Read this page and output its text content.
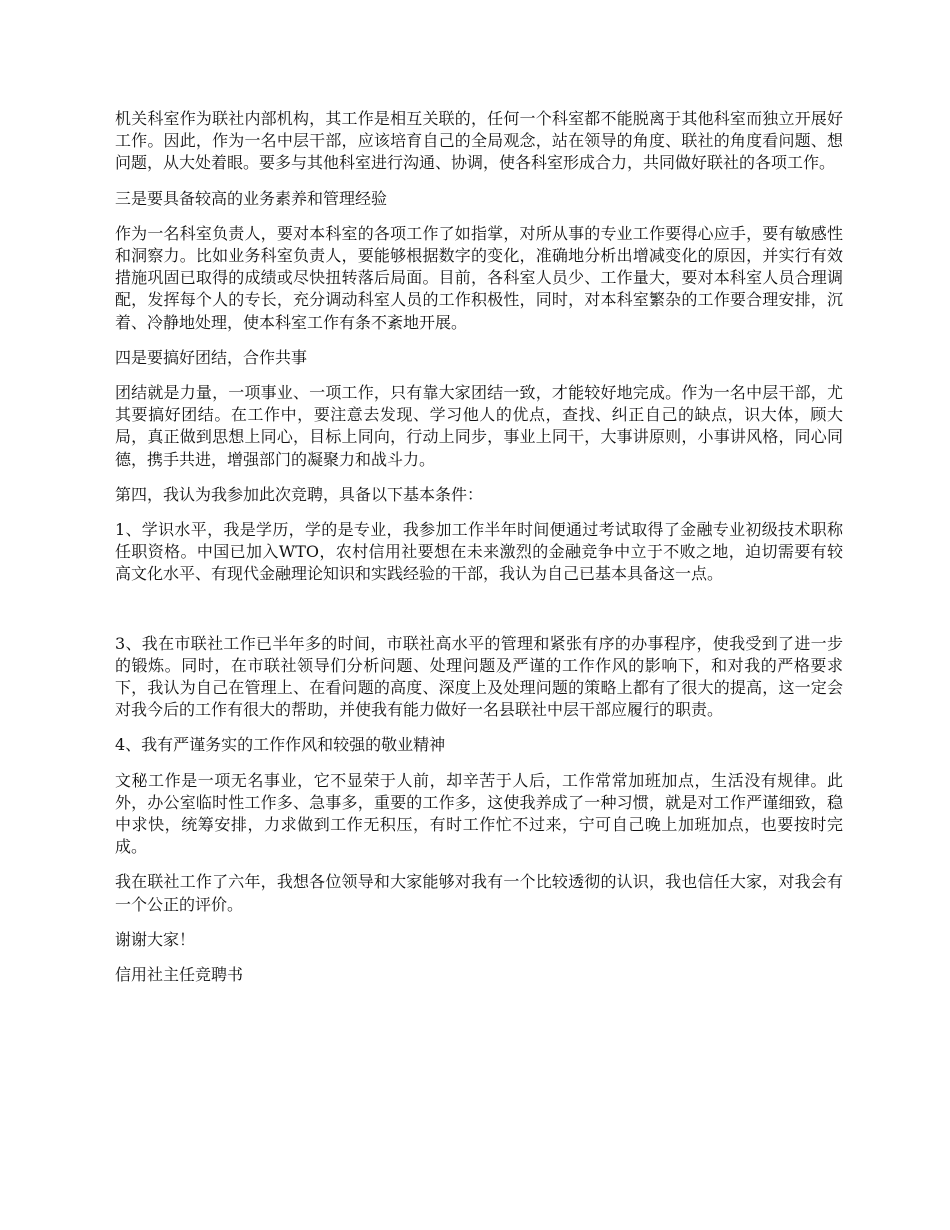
机关科室作为联社内部机构，其工作是相互关联的，任何一个科室都不能脱离于其他科室而独立开展好工作。因此，作为一名中层干部，应该培育自己的全局观念，站在领导的角度、联社的角度看问题、想问题，从大处着眼。要多与其他科室进行沟通、协调，使各科室形成合力，共同做好联社的各项工作。

三是要具备较高的业务素养和管理经验

作为一名科室负责人，要对本科室的各项工作了如指掌，对所从事的专业工作要得心应手，要有敏感性和洞察力。比如业务科室负责人，要能够根据数字的变化，准确地分析出增减变化的原因，并实行有效措施巩固已取得的成绩或尽快扭转落后局面。目前，各科室人员少、工作量大，要对本科室人员合理调配，发挥每个人的专长，充分调动科室人员的工作积极性，同时，对本科室繁杂的工作要合理安排，沉着、冷静地处理，使本科室工作有条不紊地开展。

四是要搞好团结，合作共事

团结就是力量，一项事业、一项工作，只有靠大家团结一致，才能较好地完成。作为一名中层干部，尤其要搞好团结。在工作中，要注意去发现、学习他人的优点，查找、纠正自己的缺点，识大体，顾大局，真正做到思想上同心，目标上同向，行动上同步，事业上同干，大事讲原则，小事讲风格，同心同德，携手共进，增强部门的凝聚力和战斗力。

第四，我认为我参加此次竞聘，具备以下基本条件：

1、学识水平，我是学历，学的是专业，我参加工作半年时间便通过考试取得了金融专业初级技术职称任职资格。中国已加入WTO，农村信用社要想在未来激烈的金融竞争中立于不败之地，迫切需要有较高文化水平、有现代金融理论知识和实践经验的干部，我认为自己已基本具备这一点。

3、我在市联社工作已半年多的时间，市联社高水平的管理和紧张有序的办事程序，使我受到了进一步的锻炼。同时，在市联社领导们分析问题、处理问题及严谨的工作作风的影响下，和对我的严格要求下，我认为自己在管理上、在看问题的高度、深度上及处理问题的策略上都有了很大的提高，这一定会对我今后的工作有很大的帮助，并使我有能力做好一名县联社中层干部应履行的职责。

4、我有严谨务实的工作作风和较强的敬业精神

文秘工作是一项无名事业，它不显荣于人前，却辛苦于人后，工作常常加班加点，生活没有规律。此外，办公室临时性工作多、急事多，重要的工作多，这使我养成了一种习惯，就是对工作严谨细致，稳中求快，统筹安排，力求做到工作无积压，有时工作忙不过来，宁可自己晚上加班加点，也要按时完成。

我在联社工作了六年，我想各位领导和大家能够对我有一个比较透彻的认识，我也信任大家，对我会有一个公正的评价。

谢谢大家！

信用社主任竞聘书
